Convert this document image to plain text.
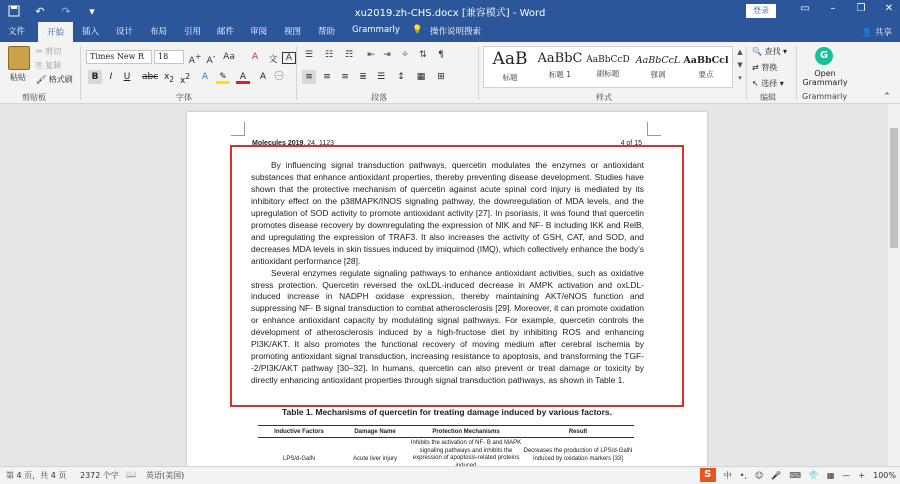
↶	↷	▾	xu2019.zh-CHS.docx [兼容模式] - Word	登录	▭	–	❐ ✕
文件	开始	插入 设计 布局 引用 邮件 审阅 视图 帮助 Grammarly 💡 操作说明搜索	👤 共享
粘贴
✂ 剪切
⎘ 复制
🖌 格式刷
剪贴板
Times New R	18	A+ A- Aa	A	文 A
B	I	U	abc $x_2$ $x^2$	A	✎	A	A ㊀
字体
☰	☷	☶	⇤ ⇥	✧	⇅	¶
≡	≡	≡	≣	☰	↕	▦	⊞
段落
AaB
标题
AaBbC
标题 1
AaBbCcD
副标题
AaBbCcL
强调
AaBbCcl
要点
▲
▼
▾
样式
🔍 查找 ▾
⇄ 替换
↖ 选择 ▾
编辑
G
Open
Grammarly
Grammarly	⌃
Molecules 2019, 24, 1123	4 of 15

By influencing signal transduction pathways, quercetin modulates the enzymes or antioxidant substances that enhance antioxidant properties, thereby preventing disease development. Studies have shown that the protective mechanism of quercetin against acute spinal cord injury is mediated by its inhibitory effect on the p38MAPK/INOS signaling pathway, the downregulation of MDA levels, and the upregulation of SOD activity to promote antioxidant activity [27]. In psoriasis, it was found that quercetin promotes disease recovery by downregulating the expression of NIK and NF- B including IKK and RelB, and upregulating the expression of TRAF3. It also increases the activity of GSH, CAT, and SOD, and decreases MDA levels in skin tissues induced by imiquimod (IMQ), which collectively enhance the body’s antioxidant performance [28].

Several enzymes regulate signaling pathways to enhance antioxidant activities, such as oxidative stress protection. Quercetin reversed the oxLDL-induced decrease in AMPK activation and oxLDL-induced increase in NADPH oxidase expression, thereby maintaining AKT/eNOS function and suppressing NF- B signal transduction to combat atherosclerosis [29]. Moreover, it can promote oxidation or enhance antioxidant capacity by modulating signal pathways. For example, quercetin controls the development of atherosclerosis induced by a high-fructose diet by inhibiting ROS and enhancing PI3K/AKT. It also promotes the functional recovery of moving medium after cerebral ischemia by promoting antioxidant signal transduction, increasing resistance to apoptosis, and transforming the TGF- -2/PI3K/AKT pathway [30–32]. In humans, quercetin can also prevent or treat damage or toxicity by directly enhancing antioxidant properties through signal transduction pathways, as shown in Table 1.

Table 1. Mechanisms of quercetin for treating damage induced by various factors.
Inductive Factors	Damage Name	Protection Mechanisms	Result
LPS/d-GalN	Acute liver injury
Inhibits the activation of NF- B and MAPK signaling pathways and inhibits the expression of apoptosis-related proteins
Decreases the production of LPS/d-GalN induced by oxidation markers [33]
第 4 页，共 4 页 2372 个字 📖 英语(美国)	S	中 •, ☺ 🎤 ⌨ 👕 ▦ — + 100%
